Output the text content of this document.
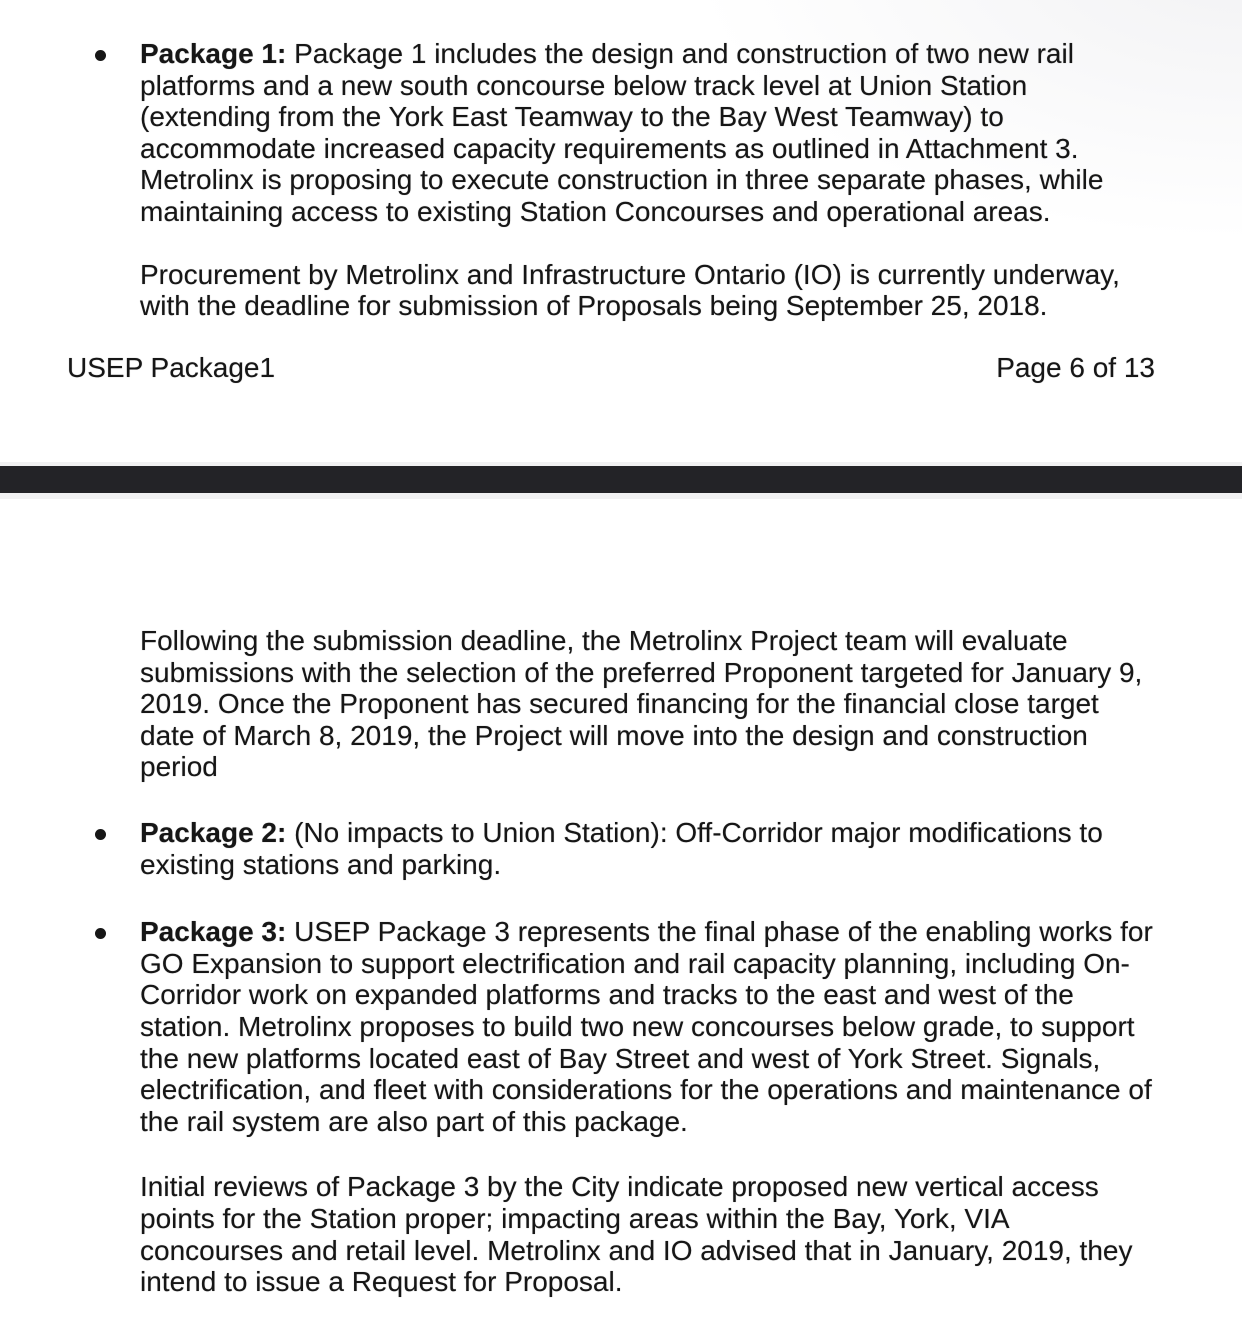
Package 1: Package 1 includes the design and construction of two new rail platforms and a new south concourse below track level at Union Station (extending from the York East Teamway to the Bay West Teamway) to accommodate increased capacity requirements as outlined in Attachment 3. Metrolinx is proposing to execute construction in three separate phases, while maintaining access to existing Station Concourses and operational areas.

Procurement by Metrolinx and Infrastructure Ontario (IO) is currently underway, with the deadline for submission of Proposals being September 25, 2018.

USEP Package1	Page 6 of 13

Following the submission deadline, the Metrolinx Project team will evaluate submissions with the selection of the preferred Proponent targeted for January 9, 2019. Once the Proponent has secured financing for the financial close target date of March 8, 2019, the Project will move into the design and construction period

Package 2: (No impacts to Union Station): Off-Corridor major modifications to existing stations and parking.

Package 3: USEP Package 3 represents the final phase of the enabling works for GO Expansion to support electrification and rail capacity planning, including On-Corridor work on expanded platforms and tracks to the east and west of the station. Metrolinx proposes to build two new concourses below grade, to support the new platforms located east of Bay Street and west of York Street. Signals, electrification, and fleet with considerations for the operations and maintenance of the rail system are also part of this package.

Initial reviews of Package 3 by the City indicate proposed new vertical access points for the Station proper; impacting areas within the Bay, York, VIA concourses and retail level. Metrolinx and IO advised that in January, 2019, they intend to issue a Request for Proposal.
